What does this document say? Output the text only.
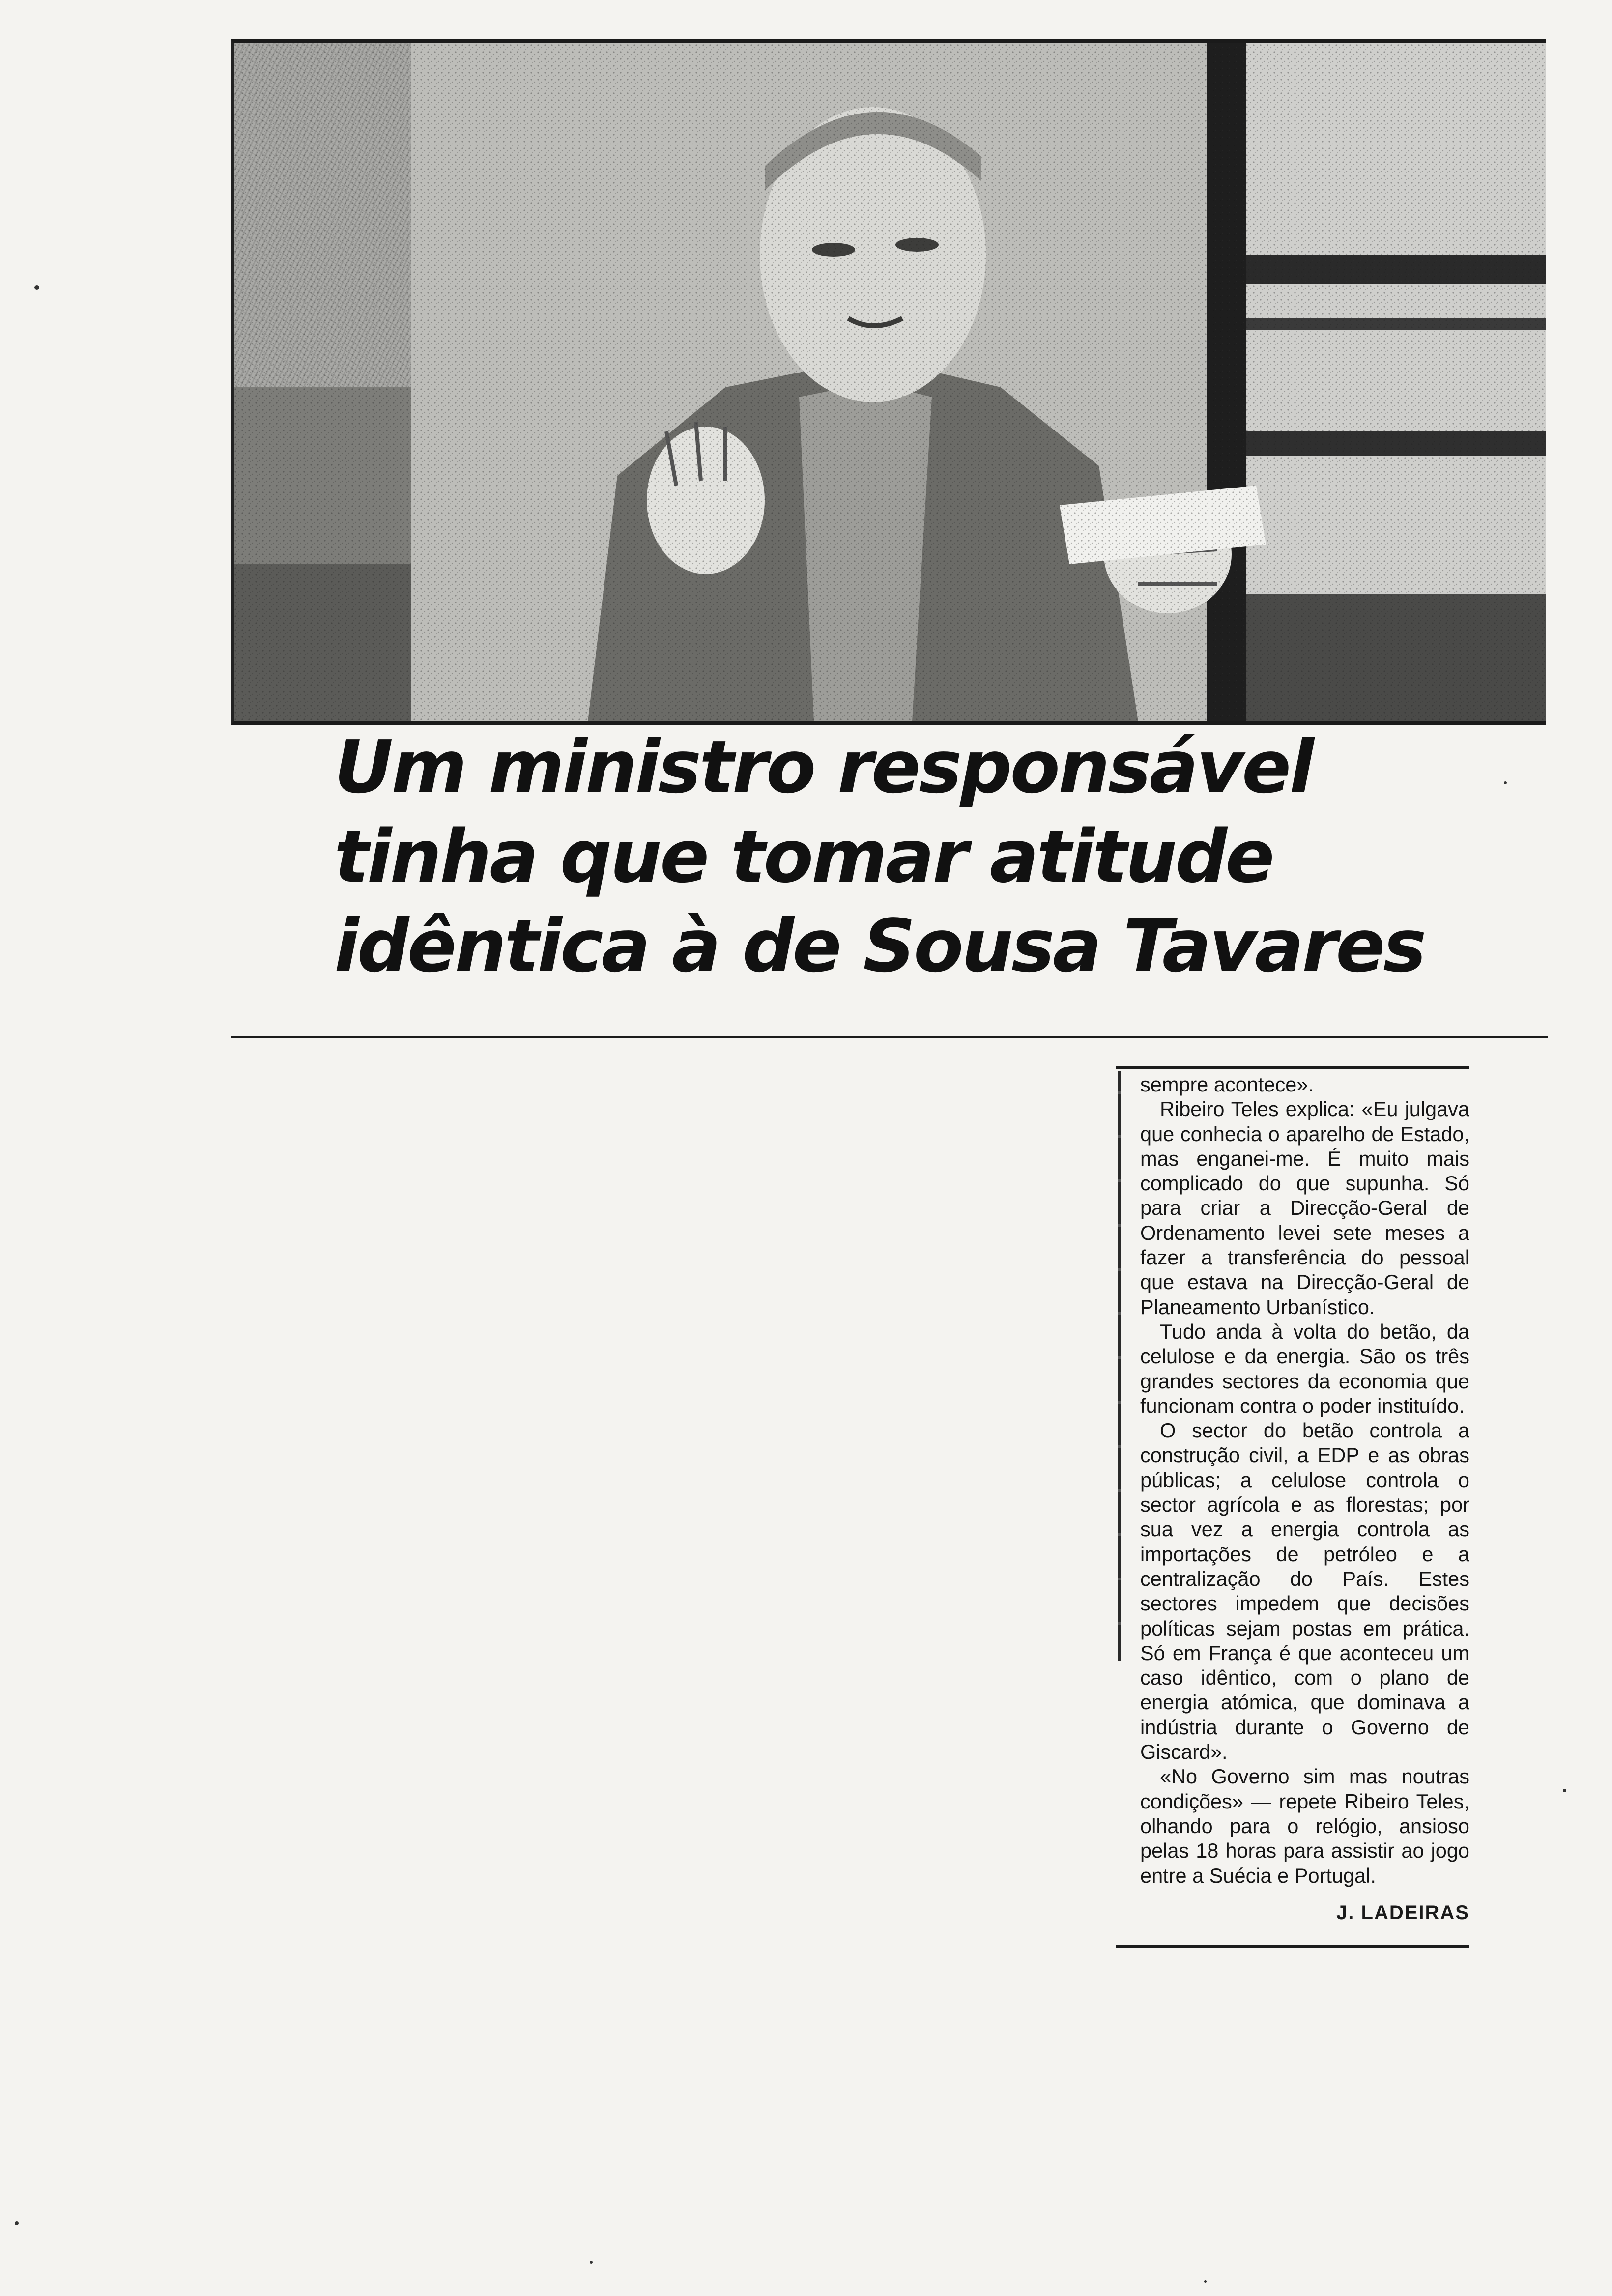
Um ministro responsável
tinha que tomar atitude
idêntica à de Sousa Tavares

sempre acontece».

Ribeiro Teles explica: «Eu julgava que conhecia o aparelho de Estado, mas enganei-me. É muito mais complicado do que supunha. Só para criar a Direcção-Geral de Ordenamento levei sete meses a fazer a transferência do pessoal que estava na Direcção-Geral de Planeamento Urbanístico.

Tudo anda à volta do betão, da celulose e da energia. São os três grandes sectores da economia que funcionam contra o poder instituído.

O sector do betão controla a construção civil, a EDP e as obras públicas; a celulose controla o sector agrícola e as florestas; por sua vez a energia controla as importações de petróleo e a centralização do País. Estes sectores impedem que decisões políticas sejam postas em prática. Só em França é que aconteceu um caso idêntico, com o plano de energia atómica, que dominava a indústria durante o Governo de Giscard».

«No Governo sim mas noutras condições» — repete Ribeiro Teles, olhando para o relógio, ansioso pelas 18 horas para assistir ao jogo entre a Suécia e Portugal.

J. LADEIRAS
